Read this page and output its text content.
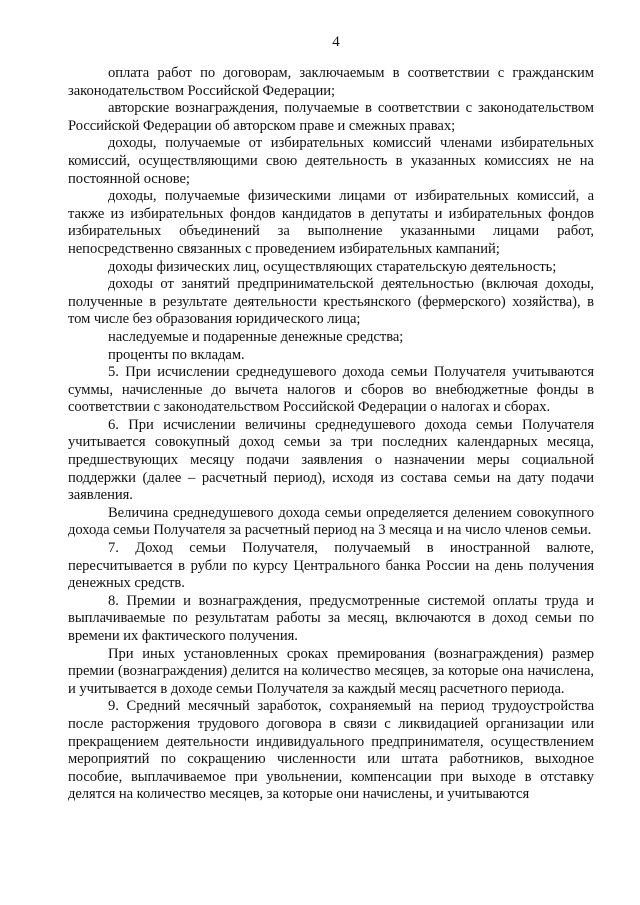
4

оплата работ по договорам, заключаемым в соответствии с гражданским законодательством Российской Федерации;

авторские вознаграждения, получаемые в соответствии с законодательством Российской Федерации об авторском праве и смежных правах;

доходы, получаемые от избирательных комиссий членами избирательных комиссий, осуществляющими свою деятельность в указанных комиссиях не на постоянной основе;

доходы, получаемые физическими лицами от избирательных комиссий, а также из избирательных фондов кандидатов в депутаты и избирательных фондов избирательных объединений за выполнение указанными лицами работ, непосредственно связанных с проведением избирательных кампаний;

доходы физических лиц, осуществляющих старательскую деятельность;

доходы от занятий предпринимательской деятельностью (включая доходы, полученные в результате деятельности крестьянского (фермерского) хозяйства), в том числе без образования юридического лица;

наследуемые и подаренные денежные средства;

проценты по вкладам.

5. При исчислении среднедушевого дохода семьи Получателя учитываются суммы, начисленные до вычета налогов и сборов во внебюджетные фонды в соответствии с законодательством Российской Федерации о налогах и сборах.

6. При исчислении величины среднедушевого дохода семьи Получателя учитывается совокупный доход семьи за три последних календарных месяца, предшествующих месяцу подачи заявления о назначении меры социальной поддержки (далее – расчетный период), исходя из состава семьи на дату подачи заявления.

Величина среднедушевого дохода семьи определяется делением совокупного дохода семьи Получателя за расчетный период на 3 месяца и на число членов семьи.

7. Доход семьи Получателя, получаемый в иностранной валюте, пересчитывается в рубли по курсу Центрального банка России на день получения денежных средств.

8. Премии и вознаграждения, предусмотренные системой оплаты труда и выплачиваемые по результатам работы за месяц, включаются в доход семьи по времени их фактического получения.

При иных установленных сроках премирования (вознаграждения) размер премии (вознаграждения) делится на количество месяцев, за которые она начислена, и учитывается в доходе семьи Получателя за каждый месяц расчетного периода.

9. Средний месячный заработок, сохраняемый на период трудоустройства после расторжения трудового договора в связи с ликвидацией организации или прекращением деятельности индивидуального предпринимателя, осуществлением мероприятий по сокращению численности или штата работников, выходное пособие, выплачиваемое при увольнении, компенсации при выходе в отставку делятся на количество месяцев, за которые они начислены, и учитываются
